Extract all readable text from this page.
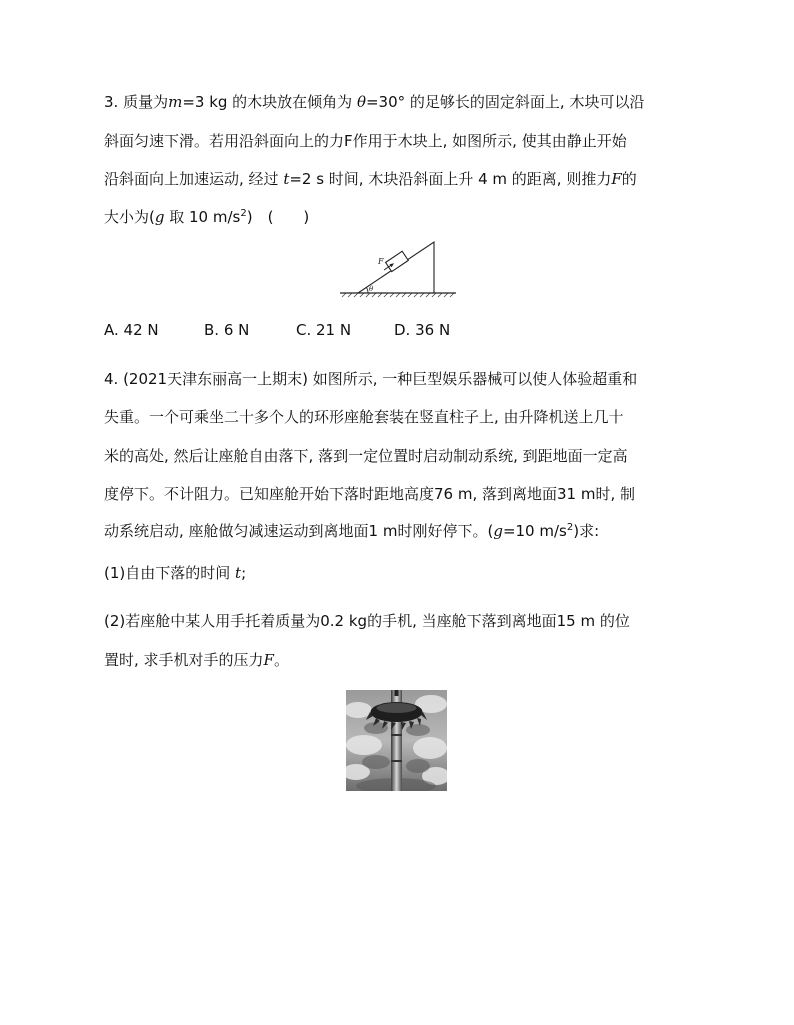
3. 质量为m=3 kg 的木块放在倾角为 θ=30° 的足够长的固定斜面上, 木块可以沿
斜面匀速下滑。若用沿斜面向上的力F作用于木块上, 如图所示, 使其由静止开始
沿斜面向上加速运动, 经过 t=2 s 时间, 木块沿斜面上升 4 m 的距离, 则推力F的
大小为(g 取 10 $m/s^2$)　(　　)
F
θ
A. 42 N	B. 6 N	C. 21 N	D. 36 N
4. (2021天津东丽高一上期末) 如图所示, 一种巨型娱乐器械可以使人体验超重和
失重。一个可乘坐二十多个人的环形座舱套装在竖直柱子上, 由升降机送上几十
米的高处, 然后让座舱自由落下, 落到一定位置时启动制动系统, 到距地面一定高
度停下。不计阻力。已知座舱开始下落时距地高度76 m, 落到离地面31 m时, 制
动系统启动, 座舱做匀减速运动到离地面1 m时刚好停下。(g=10 $m/s^2$)求:
(1)自由下落的时间 t;
(2)若座舱中某人用手托着质量为0.2 kg的手机, 当座舱下落到离地面15 m 的位
置时, 求手机对手的压力F。
